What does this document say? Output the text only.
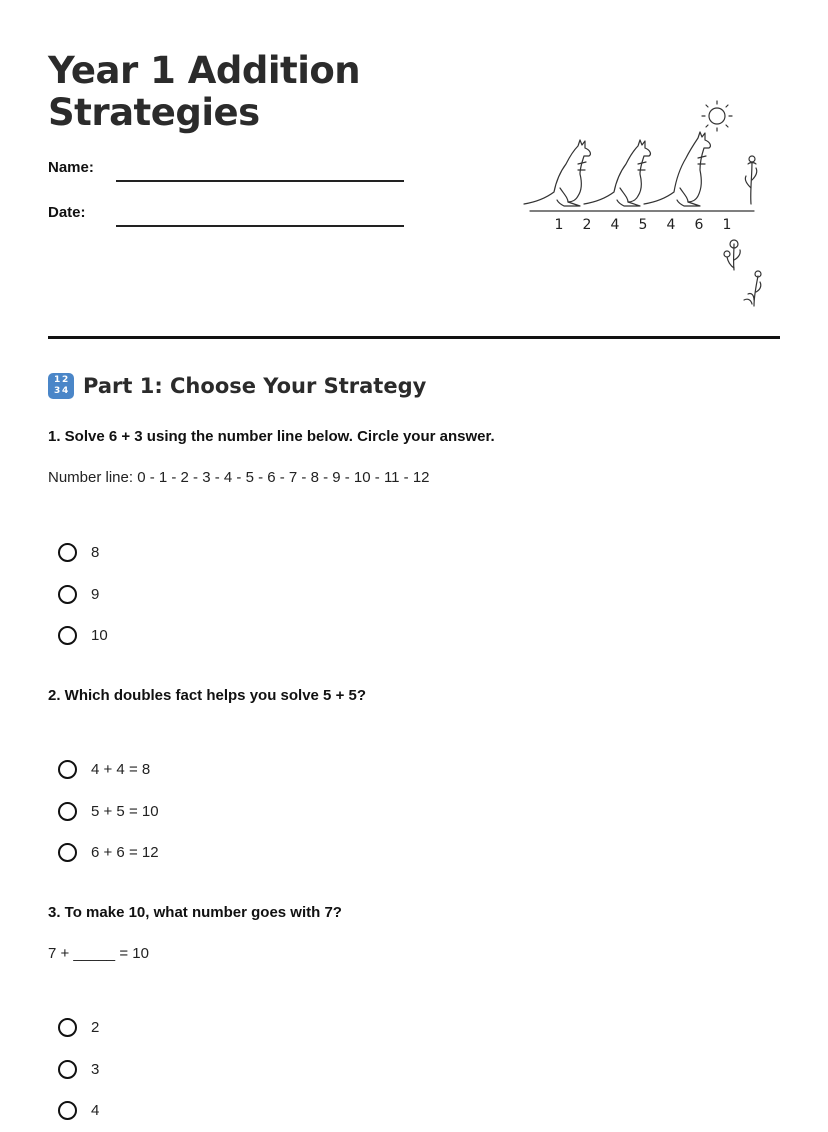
Year 1 Addition Strategies
Name:
Date:
1 2 4 5 4 6 1
1 2
3 4 Part 1: Choose Your Strategy

1. Solve 6 + 3 using the number line below. Circle your answer.

Number line: 0 - 1 - 2 - 3 - 4 - 5 - 6 - 7 - 8 - 9 - 10 - 11 - 12
8
9
10

2. Which doubles fact helps you solve 5 + 5?

4 + 4 = 8
5 + 5 = 10
6 + 6 = 12

3. To make 10, what number goes with 7?

7 + _____ = 10
2
3
4
